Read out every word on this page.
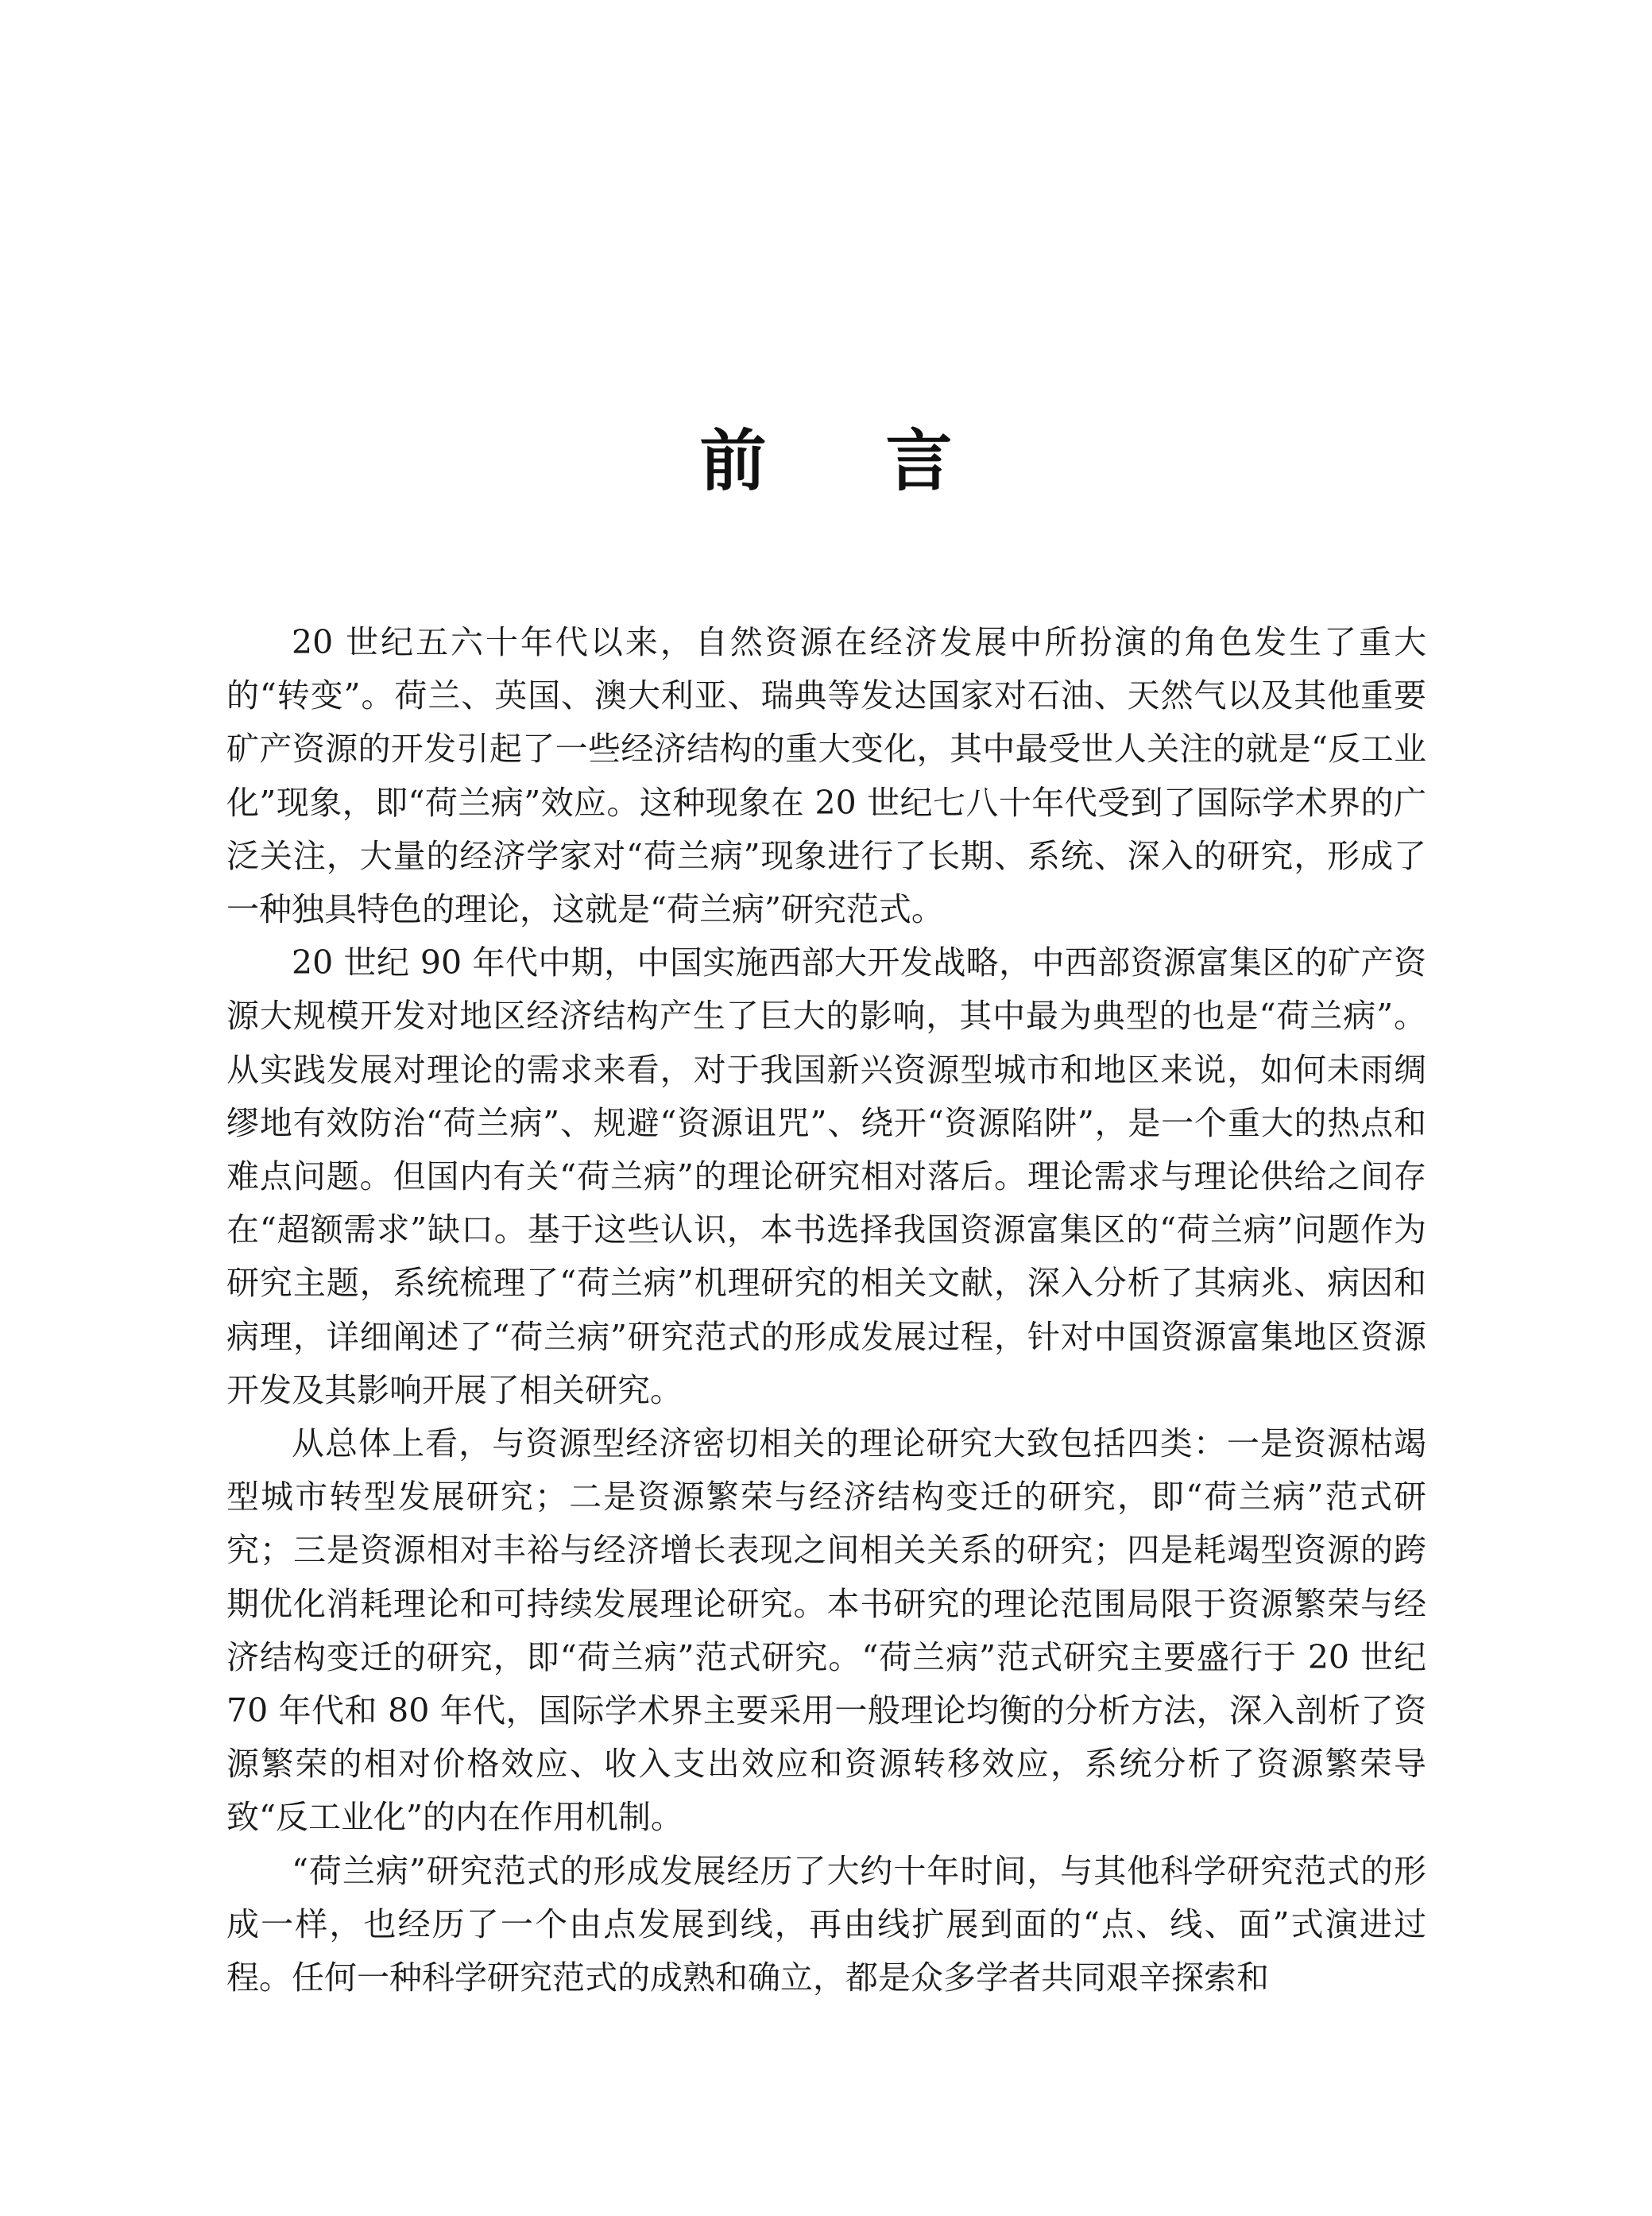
前 言

20 世纪五六十年代以来，自然资源在经济发展中所扮演的角色发生了重大的“转变”。荷兰、英国、澳大利亚、瑞典等发达国家对石油、天然气以及其他重要矿产资源的开发引起了一些经济结构的重大变化，其中最受世人关注的就是“反工业化”现象，即“荷兰病”效应。这种现象在 20 世纪七八十年代受到了国际学术界的广泛关注，大量的经济学家对“荷兰病”现象进行了长期、系统、深入的研究，形成了一种独具特色的理论，这就是“荷兰病”研究范式。

20 世纪 90 年代中期，中国实施西部大开发战略，中西部资源富集区的矿产资源大规模开发对地区经济结构产生了巨大的影响，其中最为典型的也是“荷兰病”。从实践发展对理论的需求来看，对于我国新兴资源型城市和地区来说，如何未雨绸缪地有效防治“荷兰病”、规避“资源诅咒”、绕开“资源陷阱”，是一个重大的热点和难点问题。但国内有关“荷兰病”的理论研究相对落后。理论需求与理论供给之间存在“超额需求”缺口。基于这些认识，本书选择我国资源富集区的“荷兰病”问题作为研究主题，系统梳理了“荷兰病”机理研究的相关文献，深入分析了其病兆、病因和病理，详细阐述了“荷兰病”研究范式的形成发展过程，针对中国资源富集地区资源开发及其影响开展了相关研究。

从总体上看，与资源型经济密切相关的理论研究大致包括四类：一是资源枯竭型城市转型发展研究；二是资源繁荣与经济结构变迁的研究，即“荷兰病”范式研究；三是资源相对丰裕与经济增长表现之间相关关系的研究；四是耗竭型资源的跨期优化消耗理论和可持续发展理论研究。本书研究的理论范围局限于资源繁荣与经济结构变迁的研究，即“荷兰病”范式研究。“荷兰病”范式研究主要盛行于 20 世纪 70 年代和 80 年代，国际学术界主要采用一般理论均衡的分析方法，深入剖析了资源繁荣的相对价格效应、收入支出效应和资源转移效应，系统分析了资源繁荣导致“反工业化”的内在作用机制。

“荷兰病”研究范式的形成发展经历了大约十年时间，与其他科学研究范式的形成一样，也经历了一个由点发展到线，再由线扩展到面的“点、线、面”式演进过程。任何一种科学研究范式的成熟和确立，都是众多学者共同艰辛探索和
